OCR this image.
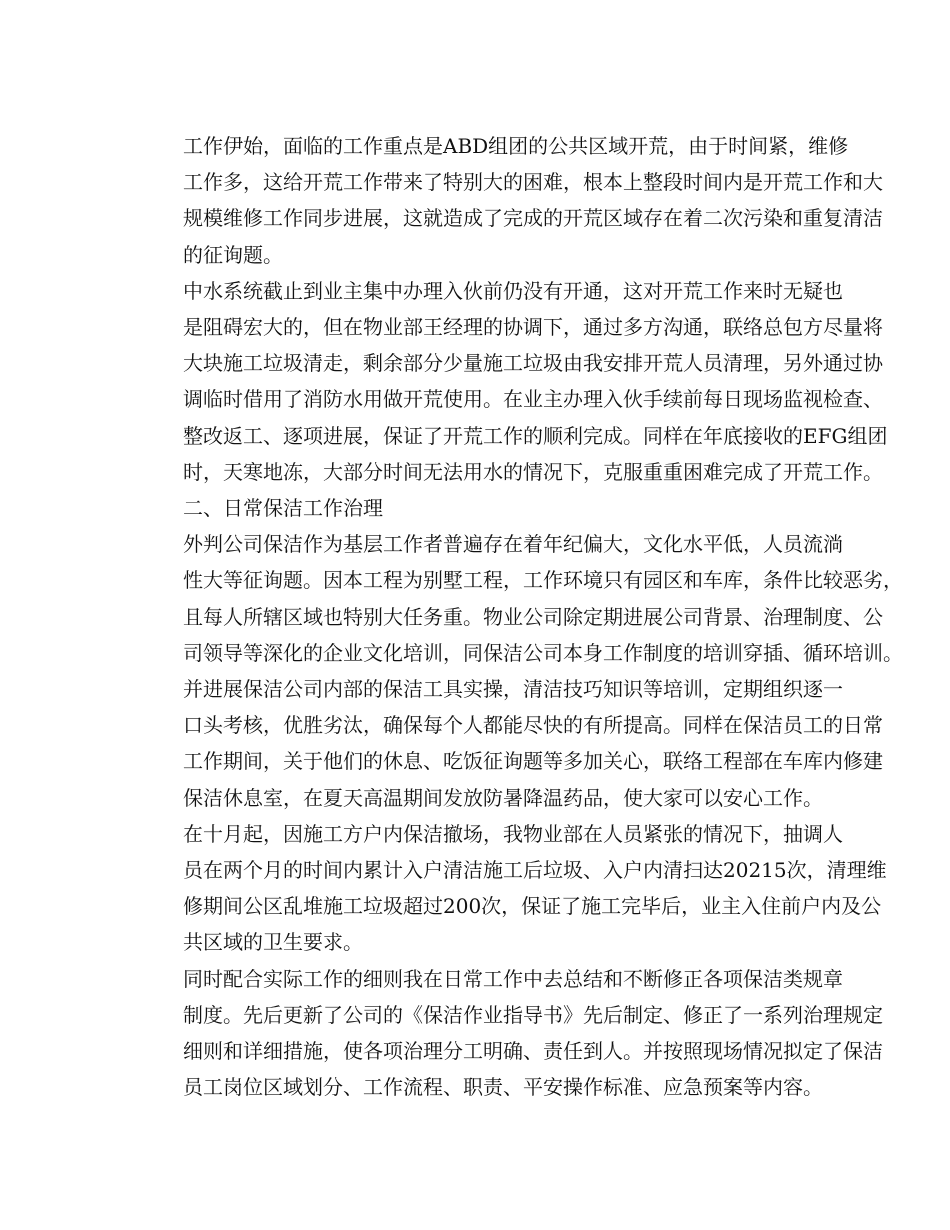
工作伊始，面临的工作重点是ABD组团的公共区域开荒，由于时间紧，维修
工作多，这给开荒工作带来了特别大的困难，根本上整段时间内是开荒工作和大
规模维修工作同步进展，这就造成了完成的开荒区域存在着二次污染和重复清洁
的征询题。

中水系统截止到业主集中办理入伙前仍没有开通，这对开荒工作来时无疑也
是阻碍宏大的，但在物业部王经理的协调下，通过多方沟通，联络总包方尽量将
大块施工垃圾清走，剩余部分少量施工垃圾由我安排开荒人员清理，另外通过协
调临时借用了消防水用做开荒使用。在业主办理入伙手续前每日现场监视检查、
整改返工、逐项进展，保证了开荒工作的顺利完成。同样在年底接收的EFG组团
时，天寒地冻，大部分时间无法用水的情况下，克服重重困难完成了开荒工作。

二、日常保洁工作治理

外判公司保洁作为基层工作者普遍存在着年纪偏大，文化水平低，人员流淌
性大等征询题。因本工程为别墅工程，工作环境只有园区和车库，条件比较恶劣，
且每人所辖区域也特别大任务重。物业公司除定期进展公司背景、治理制度、公
司领导等深化的企业文化培训，同保洁公司本身工作制度的培训穿插、循环培训。

并进展保洁公司内部的保洁工具实操，清洁技巧知识等培训，定期组织逐一
口头考核，优胜劣汰，确保每个人都能尽快的有所提高。同样在保洁员工的日常
工作期间，关于他们的休息、吃饭征询题等多加关心，联络工程部在车库内修建
保洁休息室，在夏天高温期间发放防暑降温药品，使大家可以安心工作。

在十月起，因施工方户内保洁撤场，我物业部在人员紧张的情况下，抽调人
员在两个月的时间内累计入户清洁施工后垃圾、入户内清扫达20215次，清理维
修期间公区乱堆施工垃圾超过200次，保证了施工完毕后，业主入住前户内及公
共区域的卫生要求。

同时配合实际工作的细则我在日常工作中去总结和不断修正各项保洁类规章
制度。先后更新了公司的《保洁作业指导书》先后制定、修正了一系列治理规定
细则和详细措施，使各项治理分工明确、责任到人。并按照现场情况拟定了保洁
员工岗位区域划分、工作流程、职责、平安操作标准、应急预案等内容。
